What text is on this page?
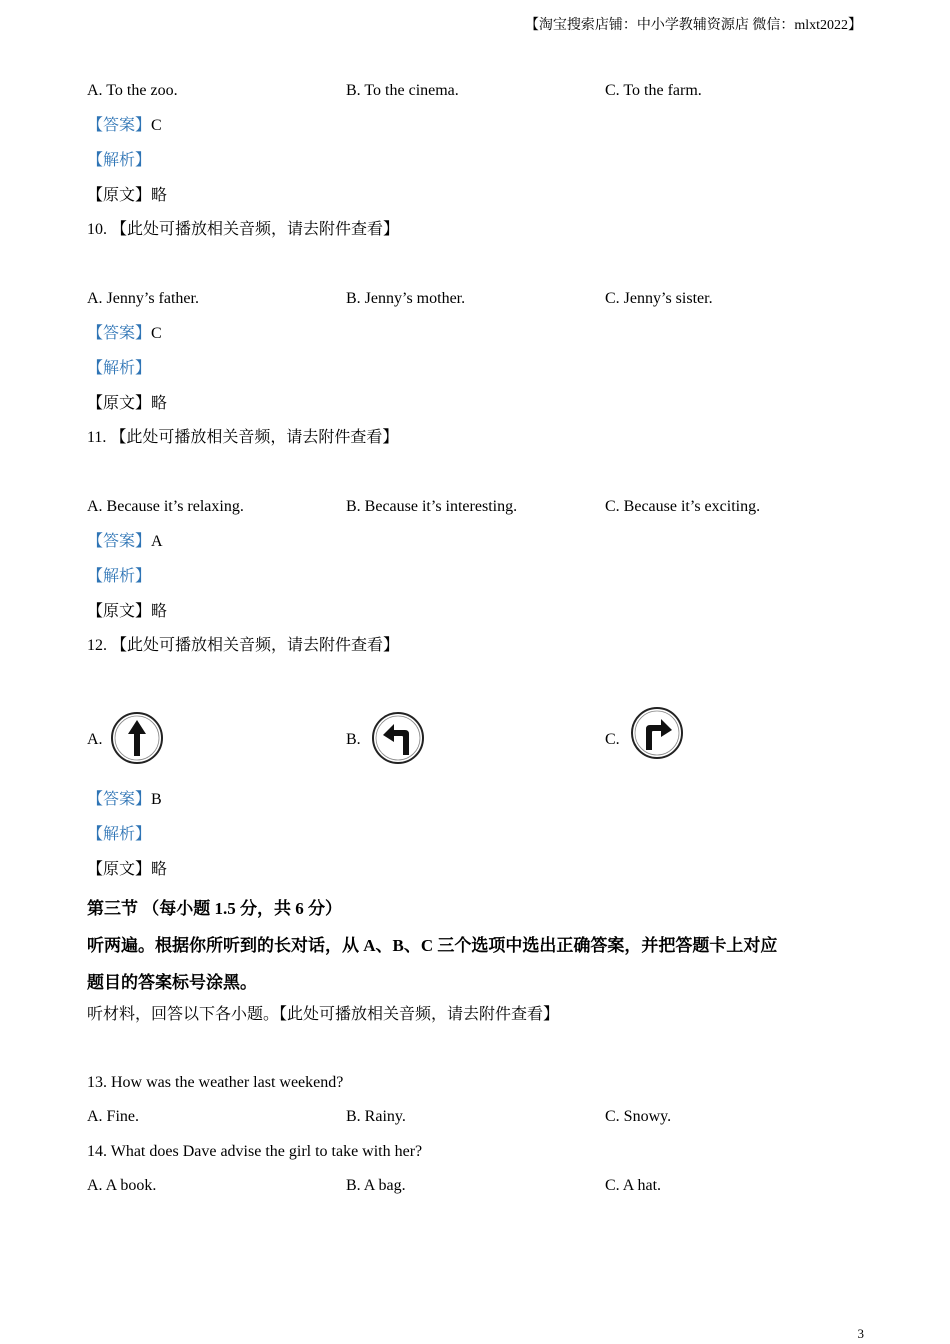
【淘宝搜索店铺：中小学教辅资源店 微信：mlxt2022】
A. To the zoo.	B. To the cinema.	C. To the farm.
【答案】C
【解析】
【原文】略
10. 【此处可播放相关音频，请去附件查看】
A. Jenny’s father.	B. Jenny’s mother.	C. Jenny’s sister.
【答案】C
【解析】
【原文】略
11. 【此处可播放相关音频，请去附件查看】
A. Because it’s relaxing.	B. Because it’s interesting.	C. Because it’s exciting.
【答案】A
【解析】
【原文】略
12. 【此处可播放相关音频，请去附件查看】
A.	B.	C.
【答案】B
【解析】
【原文】略
第三节 （每小题 1.5 分，共 6 分）
听两遍。根据你所听到的长对话，从 A、B、C 三个选项中选出正确答案，并把答题卡上对应
题目的答案标号涂黑。
听材料，回答以下各小题。【此处可播放相关音频，请去附件查看】
13. How was the weather last weekend?
A. Fine.	B. Rainy.	C. Snowy.
14. What does Dave advise the girl to take with her?
A. A book.	B. A bag.	C. A hat.
3
